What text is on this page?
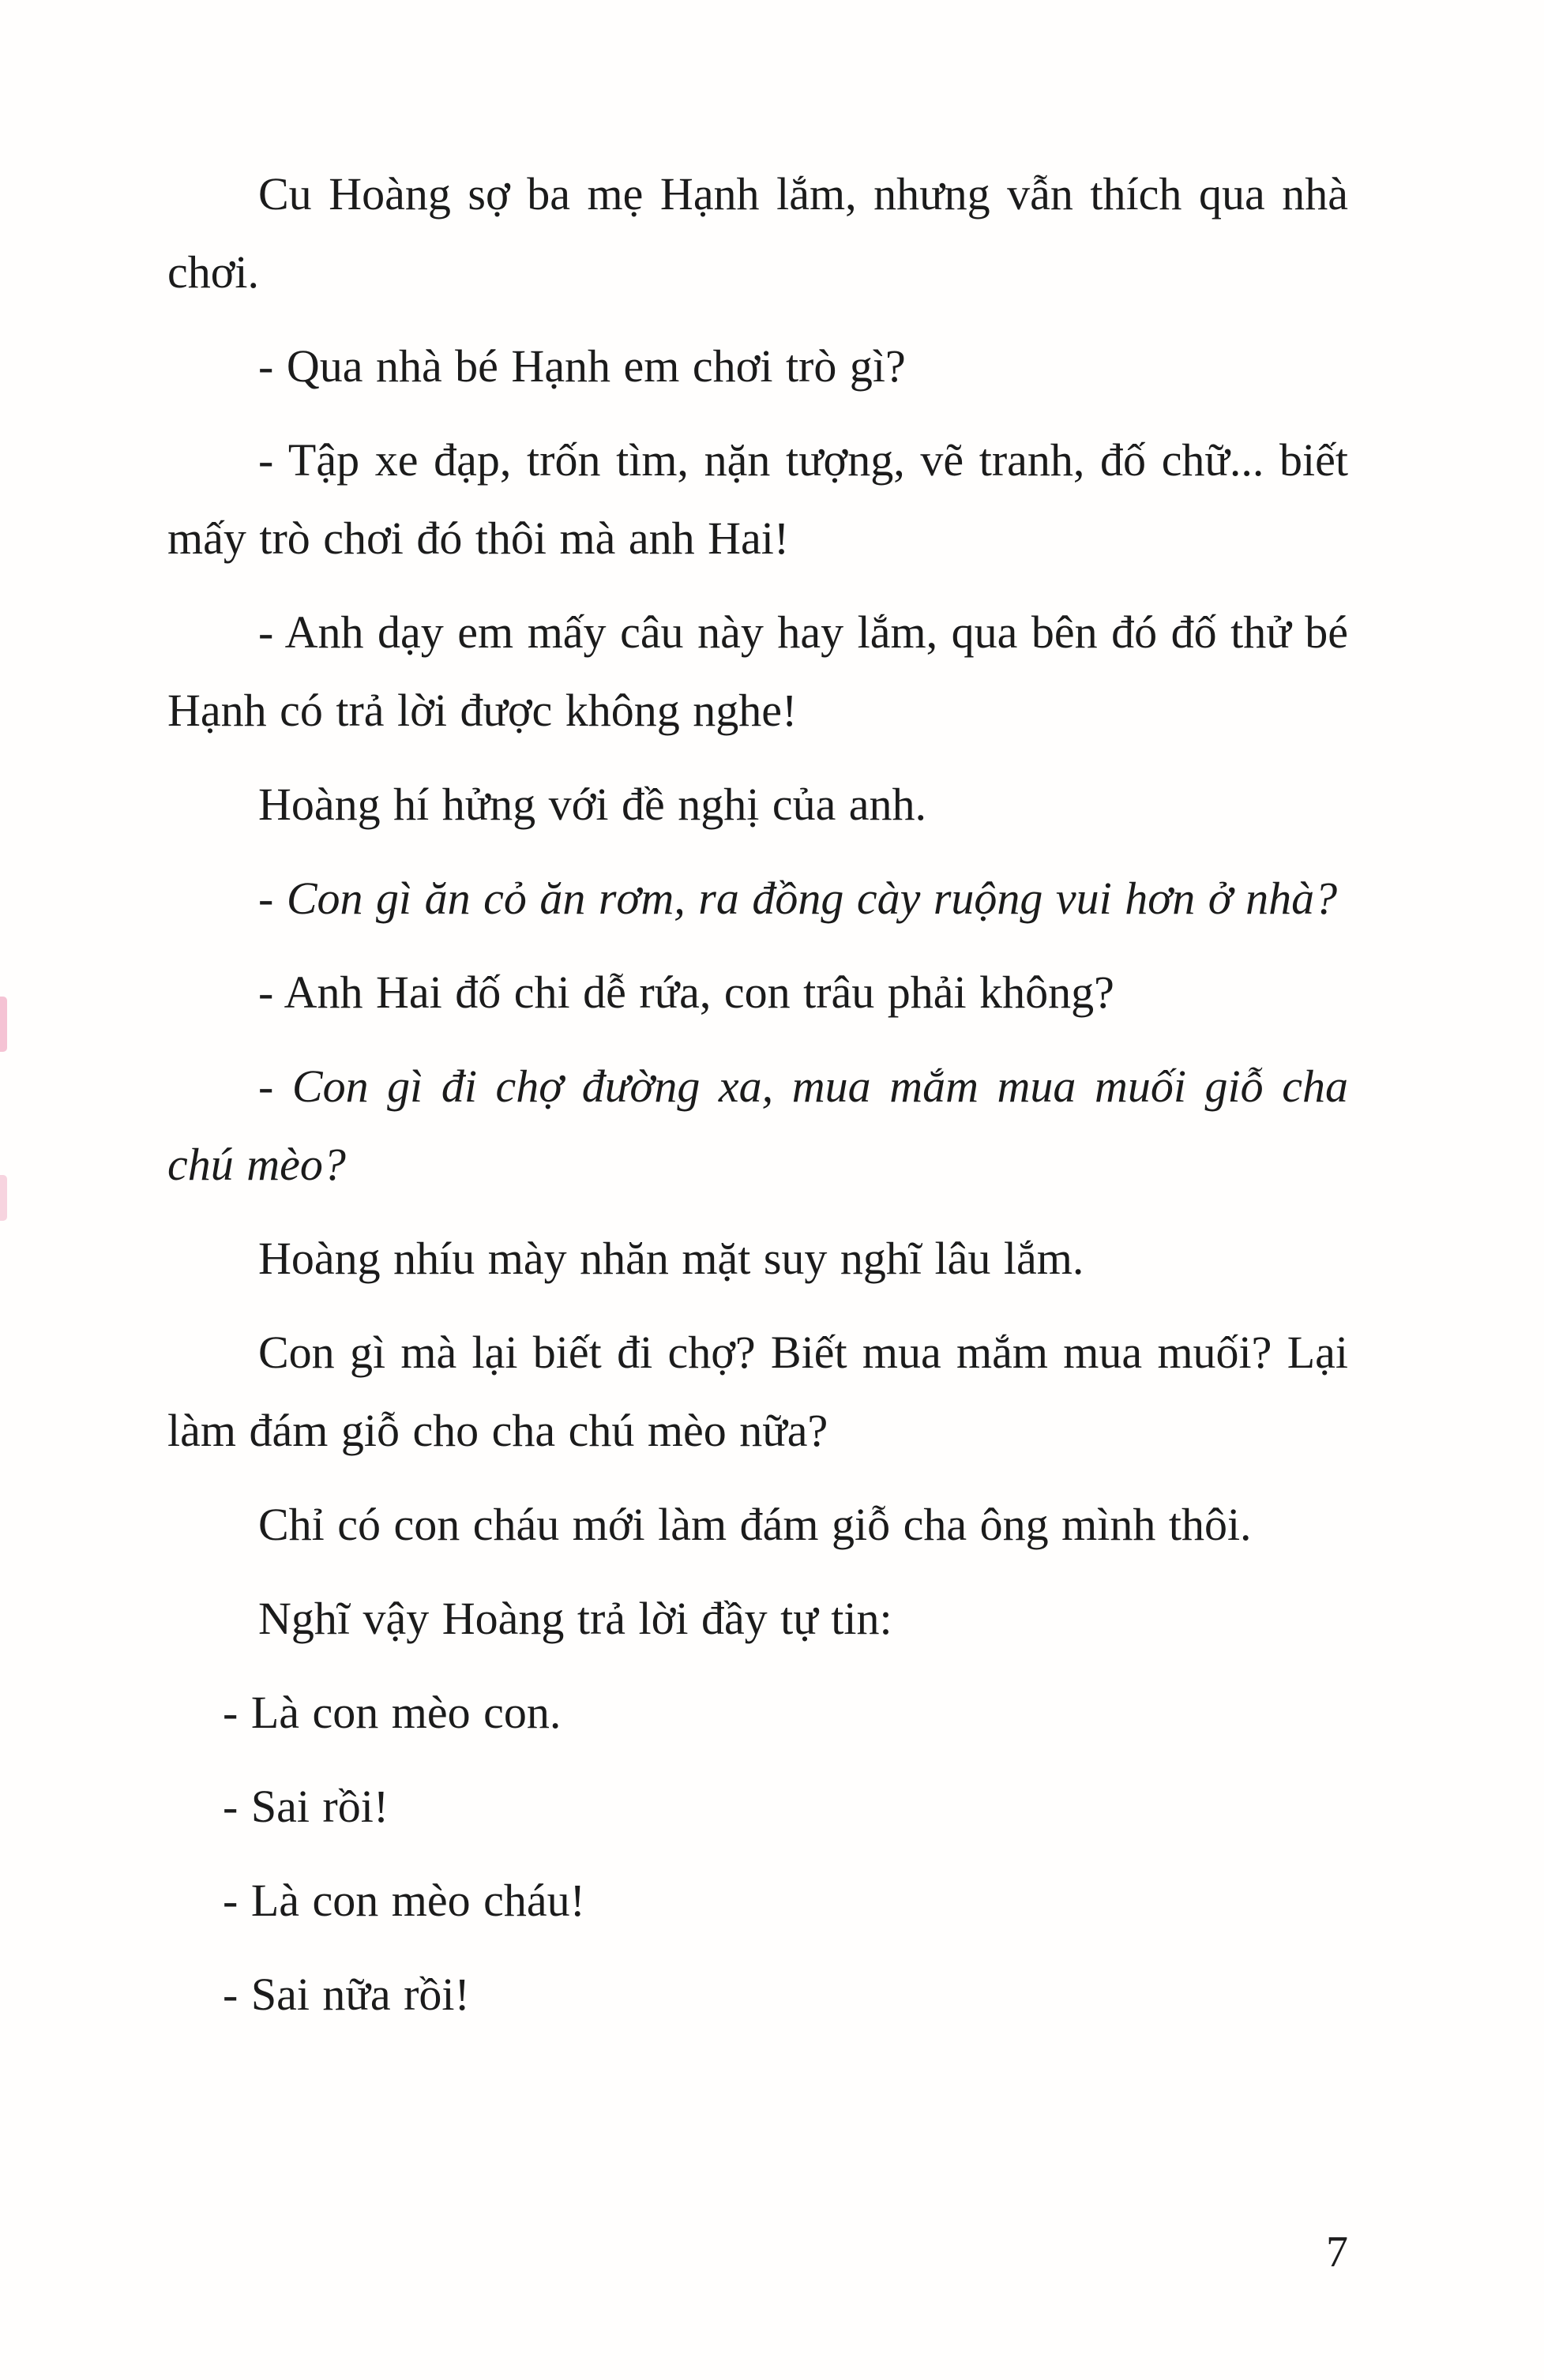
Cu Hoàng sợ ba mẹ Hạnh lắm, nhưng vẫn thích qua nhà chơi.

- Qua nhà bé Hạnh em chơi trò gì?

- Tập xe đạp, trốn tìm, nặn tượng, vẽ tranh, đố chữ... biết mấy trò chơi đó thôi mà anh Hai!

- Anh dạy em mấy câu này hay lắm, qua bên đó đố thử bé Hạnh có trả lời được không nghe!

Hoàng hí hửng với đề nghị của anh.

- Con gì ăn cỏ ăn rơm, ra đồng cày ruộng vui hơn ở nhà?

- Anh Hai đố chi dễ rứa, con trâu phải không?

- Con gì đi chợ đường xa, mua mắm mua muối giỗ cha chú mèo?

Hoàng nhíu mày nhăn mặt suy nghĩ lâu lắm.

Con gì mà lại biết đi chợ? Biết mua mắm mua muối? Lại làm đám giỗ cho cha chú mèo nữa?

Chỉ có con cháu mới làm đám giỗ cha ông mình thôi.

Nghĩ vậy Hoàng trả lời đầy tự tin:

- Là con mèo con.

- Sai rồi!

- Là con mèo cháu!

- Sai nữa rồi!

7
